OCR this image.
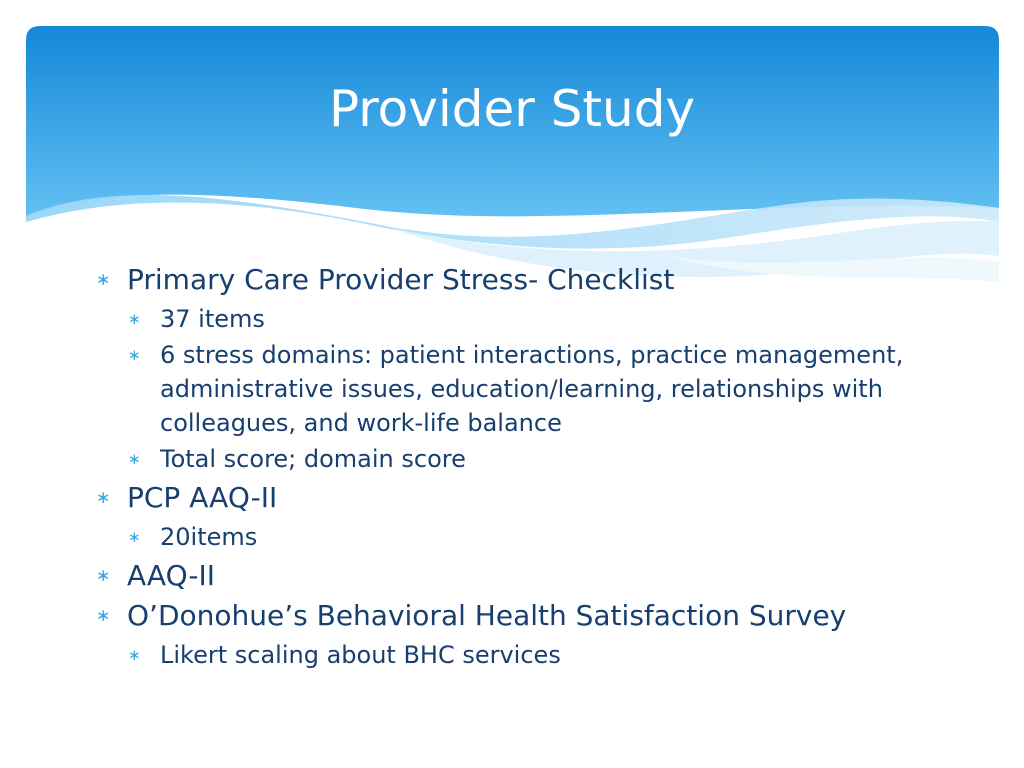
Provider Study
∗ Primary Care Provider Stress- Checklist
∗ 37 items
∗ 6 stress domains: patient interactions, practice management, administrative issues, education/learning, relationships with colleagues, and work-life balance
∗ Total score; domain score
∗ PCP AAQ-II
∗ 20items
∗ AAQ-II
∗ O’Donohue’s Behavioral Health Satisfaction Survey
∗ Likert scaling about BHC services
